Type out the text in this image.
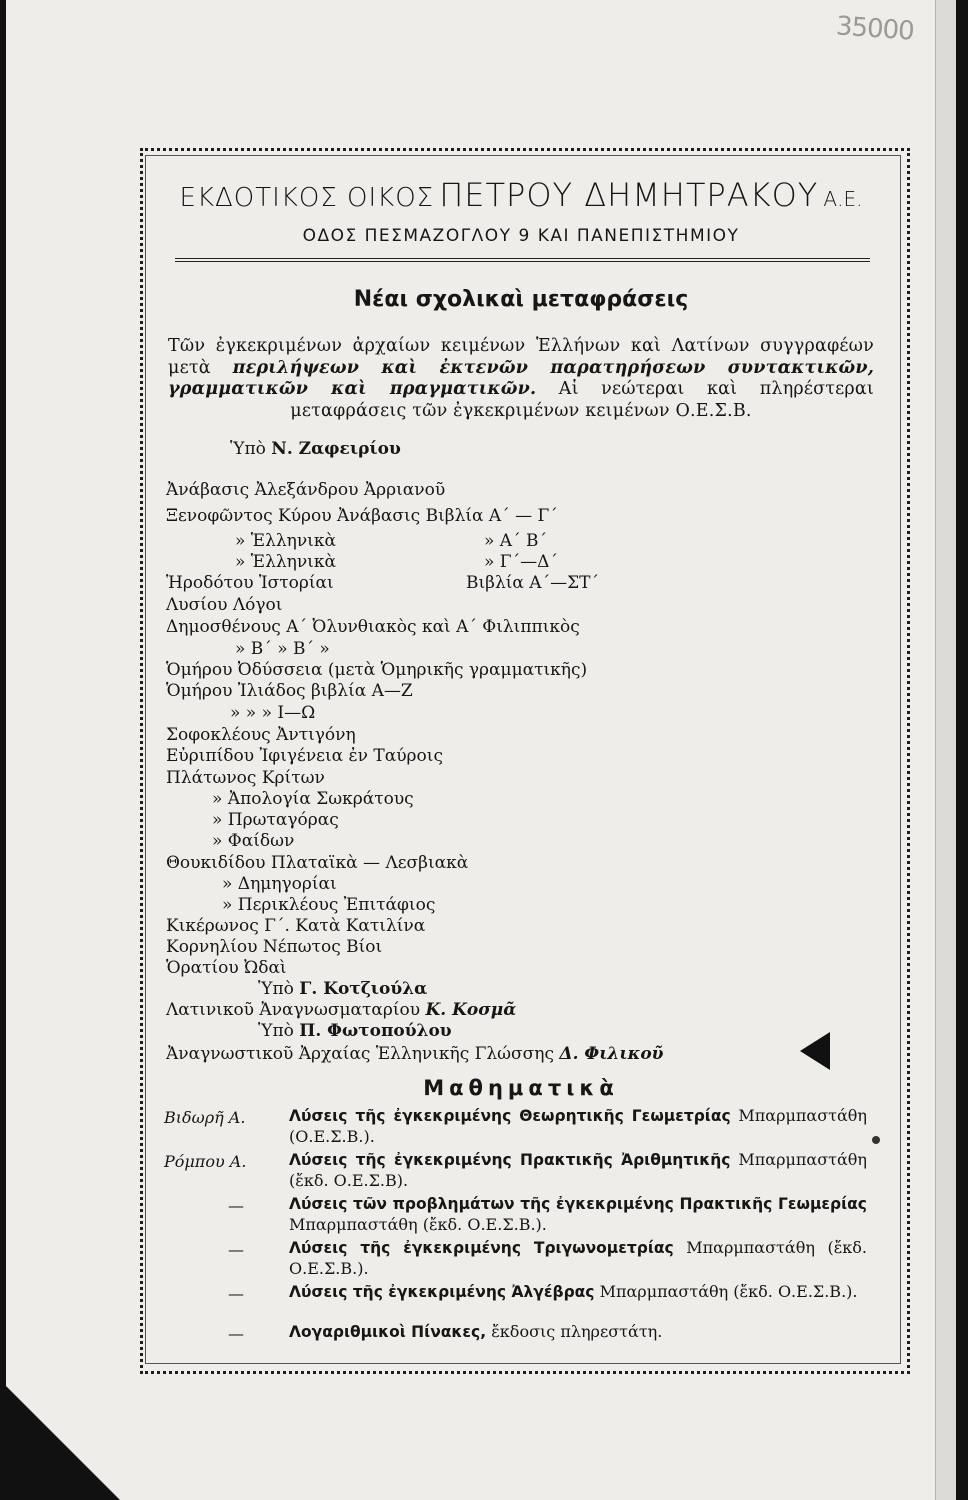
35000
ΕΚΔΟΤΙΚΟΣ ΟΙΚΟΣ ΠΕΤΡΟΥ ΔΗΜΗΤΡΑΚΟΥ Α.Ε.
ΟΔΟΣ ΠΕΣΜΑΖΟΓΛΟΥ 9 ΚΑΙ ΠΑΝΕΠΙΣΤΗΜΙΟΥ
Νέαι σχολικαὶ μεταφράσεις
Τῶν ἐγκεκριμένων ἀρχαίων κειμένων Ἑλλήνων καὶ Λατίνων συγγραφέων μετὰ περιλήψεων καὶ ἐκτενῶν παρατηρήσεων συντακτικῶν, γραμματικῶν καὶ πραγματικῶν. Αἱ νεώτεραι καὶ πληρέστεραι μεταφράσεις τῶν ἐγκεκριμένων κειμένων Ο.Ε.Σ.Β.
Ὑπὸ Ν. Ζαφειρίου
Ἀνάβασις Ἀλεξάνδρου Ἀρριανοῦ
Ξενοφῶντος Κύρου Ἀνάβασις Βιβλία Α΄ — Γ΄
» Ἑλληνικὰ	» Α΄ Β΄
» Ἑλληνικὰ	» Γ΄—Δ΄
Ἡροδότου Ἱστορίαι	Βιβλία Α΄—ΣΤ΄
Λυσίου Λόγοι
Δημοσθένους Α΄ Ὀλυνθιακὸς καὶ Α΄ Φιλιππικὸς
» Β΄ » Β΄ »
Ὁμήρου Ὀδύσσεια (μετὰ Ὁμηρικῆς γραμματικῆς)
Ὁμήρου Ἰλιάδος βιβλία Α—Ζ
» » » Ι—Ω
Σοφοκλέους Ἀντιγόνη
Εὐριπίδου Ἰφιγένεια ἐν Ταύροις
Πλάτωνος Κρίτων
» Ἀπολογία Σωκράτους
» Πρωταγόρας
» Φαίδων
Θουκιδίδου Πλαταϊκὰ — Λεσβιακὰ
» Δημηγορίαι
» Περικλέους Ἐπιτάφιος
Κικέρωνος Γ΄. Κατὰ Κατιλίνα
Κορνηλίου Νέπωτος Βίοι
Ὁρατίου Ὠδαὶ
Ὑπὸ Γ. Κοτζιούλα
Λατινικοῦ Ἀναγνωσματαρίου Κ. Κοσμᾶ
Ὑπὸ Π. Φωτοπούλου
Ἀναγνωστικοῦ Ἀρχαίας Ἑλληνικῆς Γλώσσης Δ. Φιλικοῦ
Μαθηματικὰ
Βιδωρῆ Α.	Λύσεις τῆς ἐγκεκριμένης Θεωρητικῆς Γεωμετρίας Μπαρμπαστάθη (Ο.Ε.Σ.Β.).
Ρόμπου Α.	Λύσεις τῆς ἐγκεκριμένης Πρακτικῆς Ἀριθμητικῆς Μπαρμπαστάθη (ἔκδ. Ο.Ε.Σ.Β).
—	Λύσεις τῶν προβλημάτων τῆς ἐγκεκριμένης Πρακτικῆς Γεωμερίας Μπαρμπαστάθη (ἔκδ. Ο.Ε.Σ.Β.).
—	Λύσεις τῆς ἐγκεκριμένης Τριγωνομετρίας Μπαρμπαστάθη (ἔκδ. Ο.Ε.Σ.Β.).
—	Λύσεις τῆς ἐγκεκριμένης Ἀλγέβρας Μπαρμπαστάθη (ἔκδ. Ο.Ε.Σ.Β.).
—	Λογαριθμικοὶ Πίνακες, ἔκδοσις πληρεστάτη.
